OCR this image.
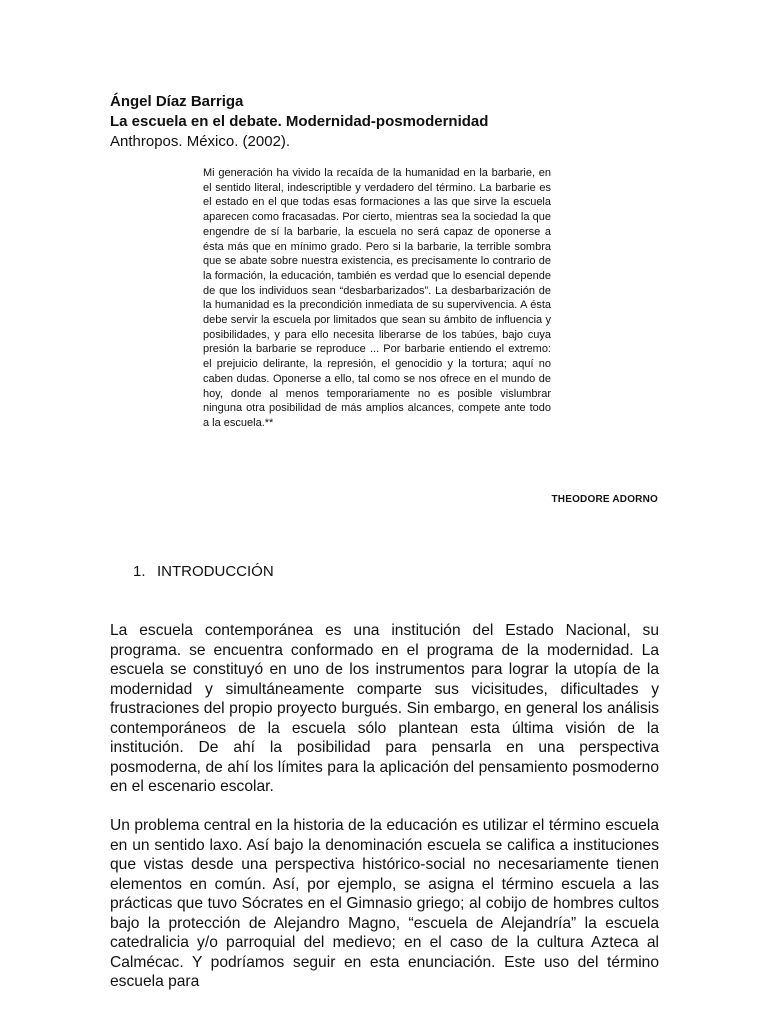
Ángel Díaz Barriga

La escuela en el debate. Modernidad-posmodernidad

Anthropos. México. (2002).

Mi generación ha vivido la recaída de la humanidad en la barbarie, en el sentido literal, indescriptible y verdadero del término. La barbarie es el estado en el que todas esas formaciones a las que sirve la escuela aparecen como fracasadas. Por cierto, mientras sea la sociedad la que engendre de sí la barbarie, la escuela no será capaz de oponerse a ésta más que en mínimo grado. Pero si la barbarie, la terrible sombra que se abate sobre nuestra existencia, es precisamente lo contrario de la formación, la educación, también es verdad que lo esencial depende de que los individuos sean “desbarbarizados”. La desbarbarización de la humanidad es la precondición inmediata de su supervivencia. A ésta debe servir la escuela por limitados que sean su ámbito de influencia y posibilidades, y para ello necesita liberarse de los tabúes, bajo cuya presión la barbarie se reproduce ... Por barbarie entiendo el extremo: el prejuicio delirante, la represión, el genocidio y la tortura; aquí no caben dudas. Oponerse a ello, tal como se nos ofrece en el mundo de hoy, donde al menos temporariamente no es posible vislumbrar ninguna otra posibilidad de más amplios alcances, compete ante todo a la escuela.**

THEODORE ADORNO

1. INTRODUCCIÓN

La escuela contemporánea es una institución del Estado Nacional, su programa. se encuentra conformado en el programa de la modernidad. La escuela se constituyó en uno de los instrumentos para lograr la utopía de la modernidad y simultáneamente comparte sus vicisitudes, dificultades y frustraciones del propio proyecto burgués. Sin embargo, en general los análisis contemporáneos de la escuela sólo plantean esta última visión de la institución. De ahí la posibilidad para pensarla en una perspectiva posmoderna, de ahí los límites para la aplicación del pensamiento posmoderno en el escenario escolar.

Un problema central en la historia de la educación es utilizar el término escuela en un sentido laxo. Así bajo la denominación escuela se califica a instituciones que vistas desde una perspectiva histórico-social no necesariamente tienen elementos en común. Así, por ejemplo, se asigna el término escuela a las prácticas que tuvo Sócrates en el Gimnasio griego; al cobijo de hombres cultos bajo la protección de Alejandro Magno, “escuela de Alejandría” la escuela catedralicia y/o parroquial del medievo; en el caso de la cultura Azteca al Calmécac. Y podríamos seguir en esta enunciación. Este uso del término escuela para
